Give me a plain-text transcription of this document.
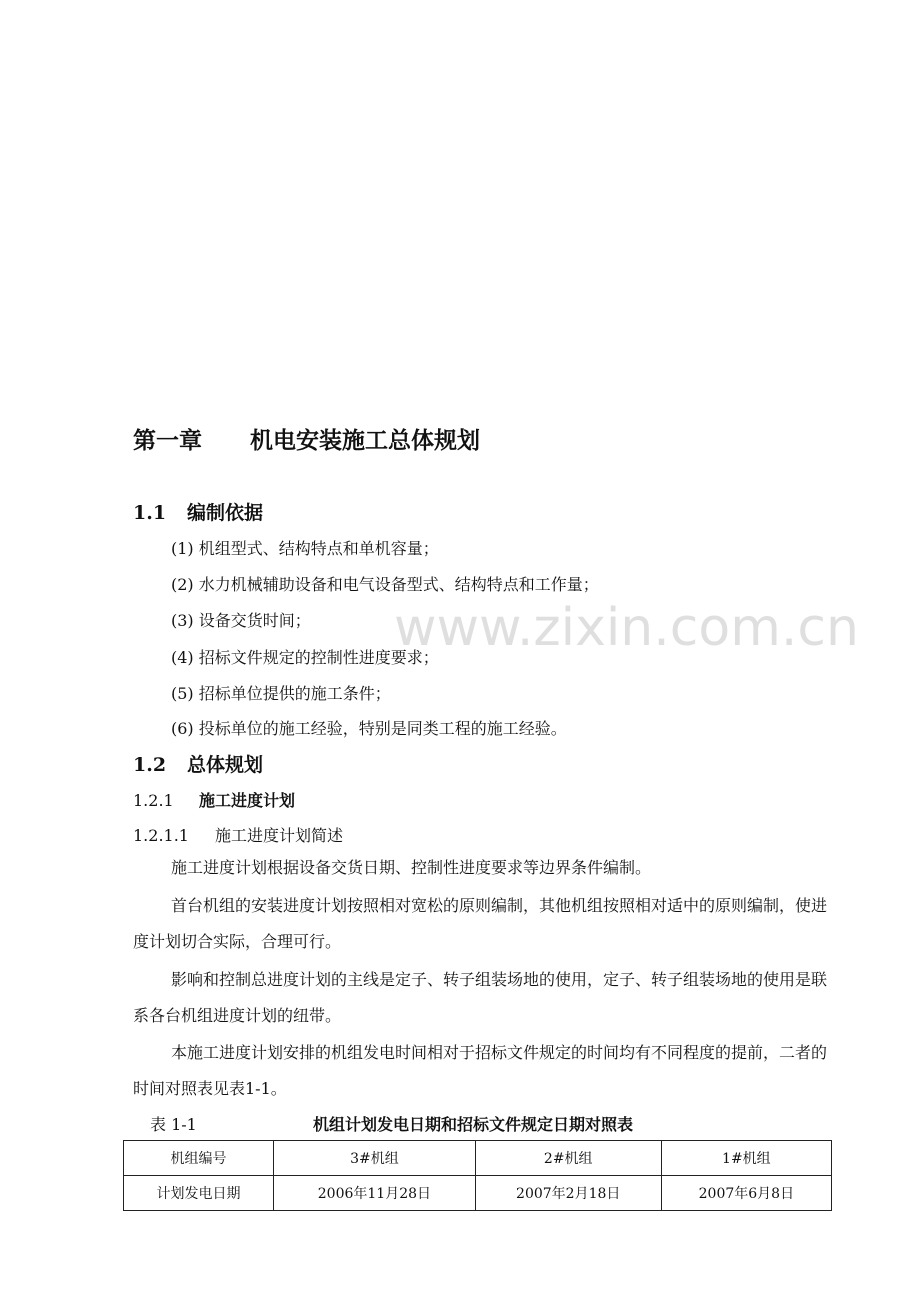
www.zixin.com.cn
第一章 机电安装施工总体规划
1.1 编制依据
(1) 机组型式、结构特点和单机容量；
(2) 水力机械辅助设备和电气设备型式、结构特点和工作量；
(3) 设备交货时间；
(4) 招标文件规定的控制性进度要求；
(5) 招标单位提供的施工条件；
(6) 投标单位的施工经验，特别是同类工程的施工经验。
1.2 总体规划
1.2.1 施工进度计划
1.2.1.1 施工进度计划简述
施工进度计划根据设备交货日期、控制性进度要求等边界条件编制。
首台机组的安装进度计划按照相对宽松的原则编制，其他机组按照相对适中的原则编制，使进度计划切合实际，合理可行。
影响和控制总进度计划的主线是定子、转子组装场地的使用，定子、转子组装场地的使用是联系各台机组进度计划的纽带。
本施工进度计划安排的机组发电时间相对于招标文件规定的时间均有不同程度的提前，二者的时间对照表见表1-1。
表 1-1	机组计划发电日期和招标文件规定日期对照表
机组编号	3#机组	2#机组	1#机组
计划发电日期	2006年11月28日	2007年2月18日	2007年6月8日
